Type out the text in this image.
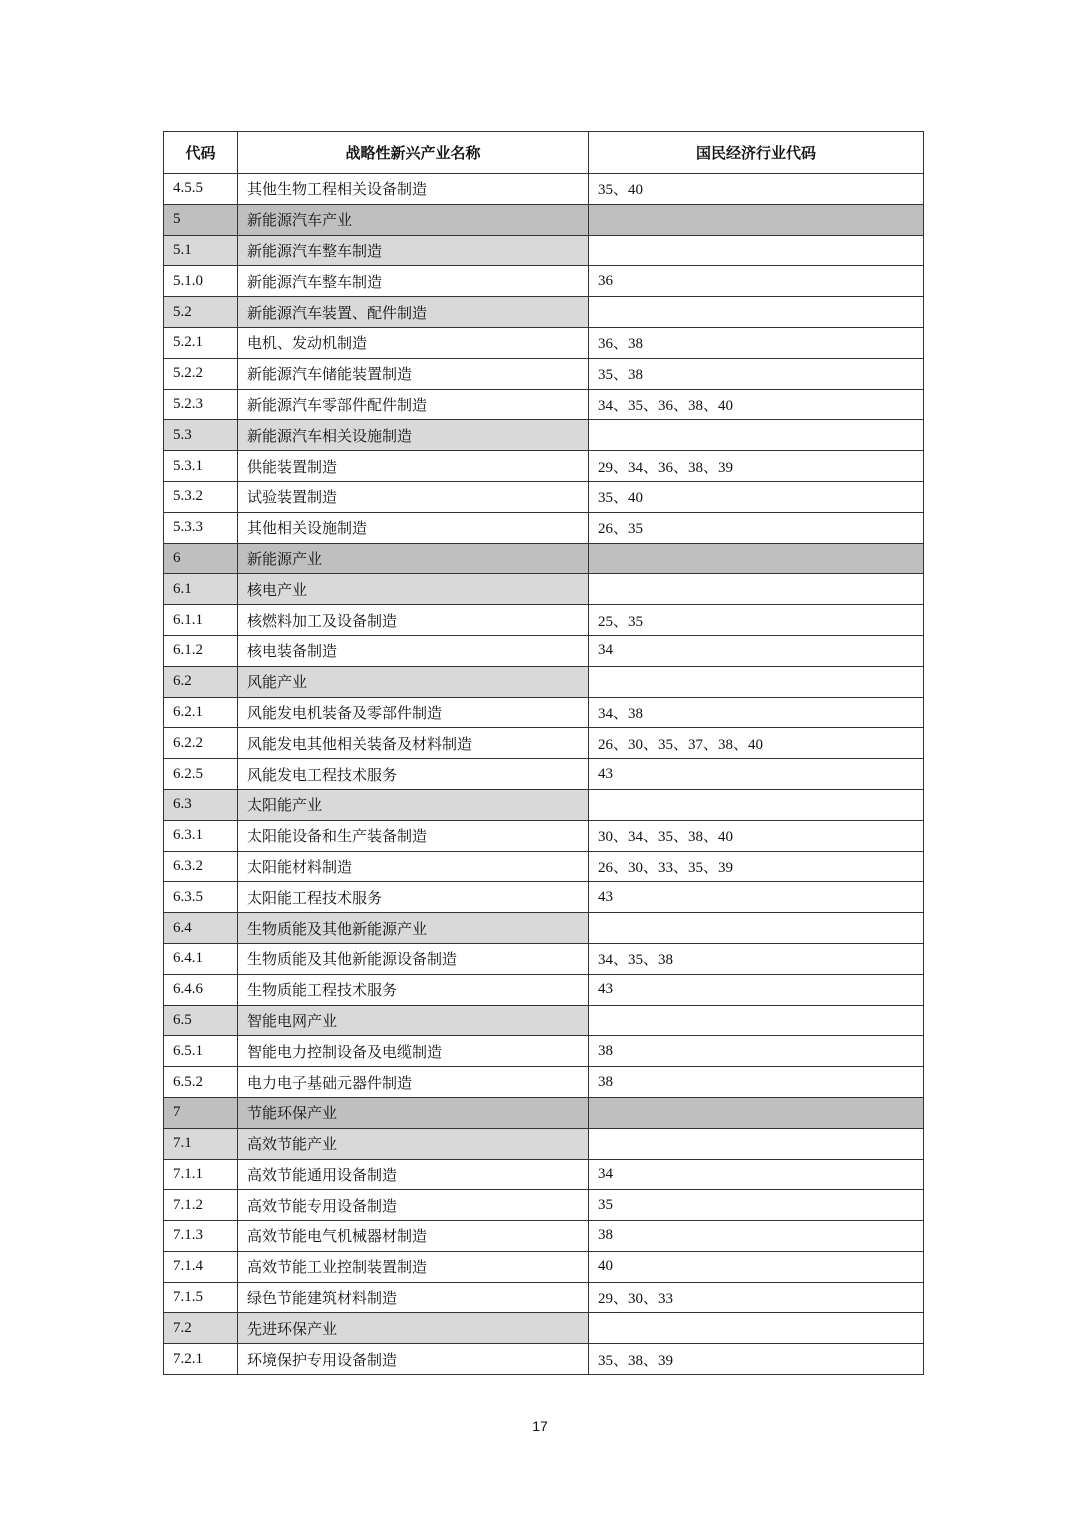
代码	战略性新兴产业名称	国民经济行业代码
4.5.5	其他生物工程相关设备制造	35、40
5	新能源汽车产业	
5.1	新能源汽车整车制造	
5.1.0	新能源汽车整车制造	36
5.2	新能源汽车装置、配件制造	
5.2.1	电机、发动机制造	36、38
5.2.2	新能源汽车储能装置制造	35、38
5.2.3	新能源汽车零部件配件制造	34、35、36、38、40
5.3	新能源汽车相关设施制造	
5.3.1	供能装置制造	29、34、36、38、39
5.3.2	试验装置制造	35、40
5.3.3	其他相关设施制造	26、35
6	新能源产业	
6.1	核电产业	
6.1.1	核燃料加工及设备制造	25、35
6.1.2	核电装备制造	34
6.2	风能产业	
6.2.1	风能发电机装备及零部件制造	34、38
6.2.2	风能发电其他相关装备及材料制造	26、30、35、37、38、40
6.2.5	风能发电工程技术服务	43
6.3	太阳能产业	
6.3.1	太阳能设备和生产装备制造	30、34、35、38、40
6.3.2	太阳能材料制造	26、30、33、35、39
6.3.5	太阳能工程技术服务	43
6.4	生物质能及其他新能源产业	
6.4.1	生物质能及其他新能源设备制造	34、35、38
6.4.6	生物质能工程技术服务	43
6.5	智能电网产业	
6.5.1	智能电力控制设备及电缆制造	38
6.5.2	电力电子基础元器件制造	38
7	节能环保产业	
7.1	高效节能产业	
7.1.1	高效节能通用设备制造	34
7.1.2	高效节能专用设备制造	35
7.1.3	高效节能电气机械器材制造	38
7.1.4	高效节能工业控制装置制造	40
7.1.5	绿色节能建筑材料制造	29、30、33
7.2	先进环保产业	
7.2.1	环境保护专用设备制造	35、38、39
17
